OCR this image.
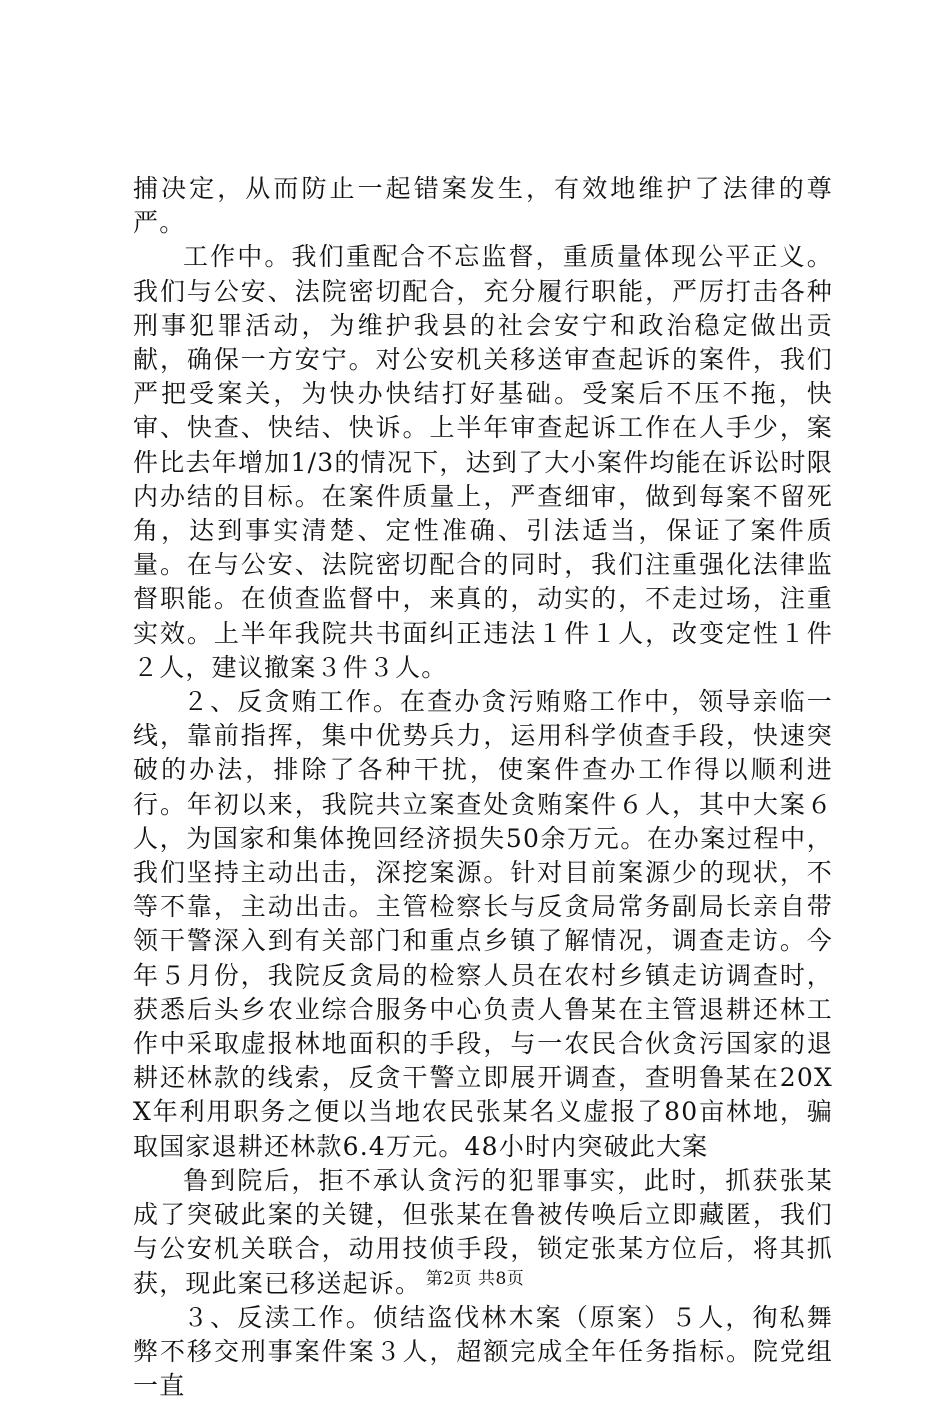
捕决定，从而防止一起错案发生，有效地维护了法律的尊严。

工作中。我们重配合不忘监督，重质量体现公平正义。我们与公安、法院密切配合，充分履行职能，严厉打击各种刑事犯罪活动，为维护我县的社会安宁和政治稳定做出贡献，确保一方安宁。对公安机关移送审查起诉的案件，我们严把受案关，为快办快结打好基础。受案后不压不拖，快审、快查、快结、快诉。上半年审查起诉工作在人手少，案件比去年增加1/3的情况下，达到了大小案件均能在诉讼时限内办结的目标。在案件质量上，严查细审，做到每案不留死角，达到事实清楚、定性准确、引法适当，保证了案件质量。在与公安、法院密切配合的同时，我们注重强化法律监督职能。在侦查监督中，来真的，动实的，不走过场，注重实效。上半年我院共书面纠正违法１件１人，改变定性１件２人，建议撤案３件３人。

２、反贪贿工作。在查办贪污贿赂工作中，领导亲临一线，靠前指挥，集中优势兵力，运用科学侦查手段，快速突破的办法，排除了各种干扰，使案件查办工作得以顺利进行。年初以来，我院共立案查处贪贿案件６人，其中大案６人，为国家和集体挽回经济损失50余万元。在办案过程中，我们坚持主动出击，深挖案源。针对目前案源少的现状，不等不靠，主动出击。主管检察长与反贪局常务副局长亲自带领干警深入到有关部门和重点乡镇了解情况，调查走访。今年５月份，我院反贪局的检察人员在农村乡镇走访调查时，获悉后头乡农业综合服务中心负责人鲁某在主管退耕还林工作中采取虚报林地面积的手段，与一农民合伙贪污国家的退耕还林款的线索，反贪干警立即展开调查，查明鲁某在20XX年利用职务之便以当地农民张某名义虚报了80亩林地，骗取国家退耕还林款6.4万元。48小时内突破此大案

鲁到院后，拒不承认贪污的犯罪事实，此时，抓获张某成了突破此案的关键，但张某在鲁被传唤后立即藏匿，我们与公安机关联合，动用技侦手段，锁定张某方位后，将其抓获，现此案已移送起诉。

３、反渎工作。侦结盗伐林木案（原案）５人，徇私舞弊不移交刑事案件案３人，超额完成全年任务指标。院党组一直

第2页 共8页
